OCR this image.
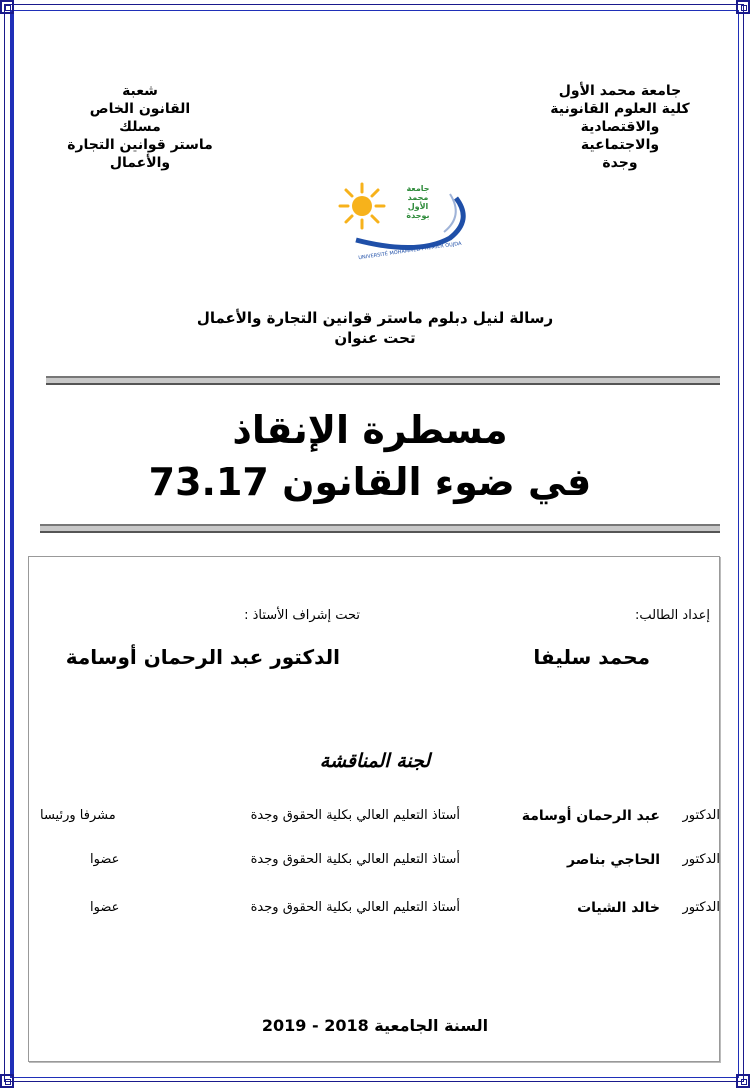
جامعة محمد الأول
كلية العلوم القانونية والاقتصادية
والاجتماعية
وجدة
شعبة
القانون الخاص
مسلك
ماستر قوانين التجارة والأعمال
جامعة محمد الأول بوجدة
UNIVERSITÉ MOHAMMED PREMIER OUJDA
رسالة لنيل دبلوم ماستر قوانين التجارة والأعمال
تحت عنوان
مسطرة الإنقاذ
في ضوء القانون 73.17
إعداد الطالب:
تحت إشراف الأستاذ :
محمد سليفا
الدكتور عبد الرحمان أوسامة
لجنة المناقشة
الدكتور
عبد الرحمان أوسامة
أستاذ التعليم العالي بكلية الحقوق وجدة
مشرفا ورئيسا
الدكتور
الحاجي بناصر
أستاذ التعليم العالي بكلية الحقوق وجدة
عضوا
الدكتور
خالد الشيات
أستاذ التعليم العالي بكلية الحقوق وجدة
عضوا
السنة الجامعية 2018 - 2019
